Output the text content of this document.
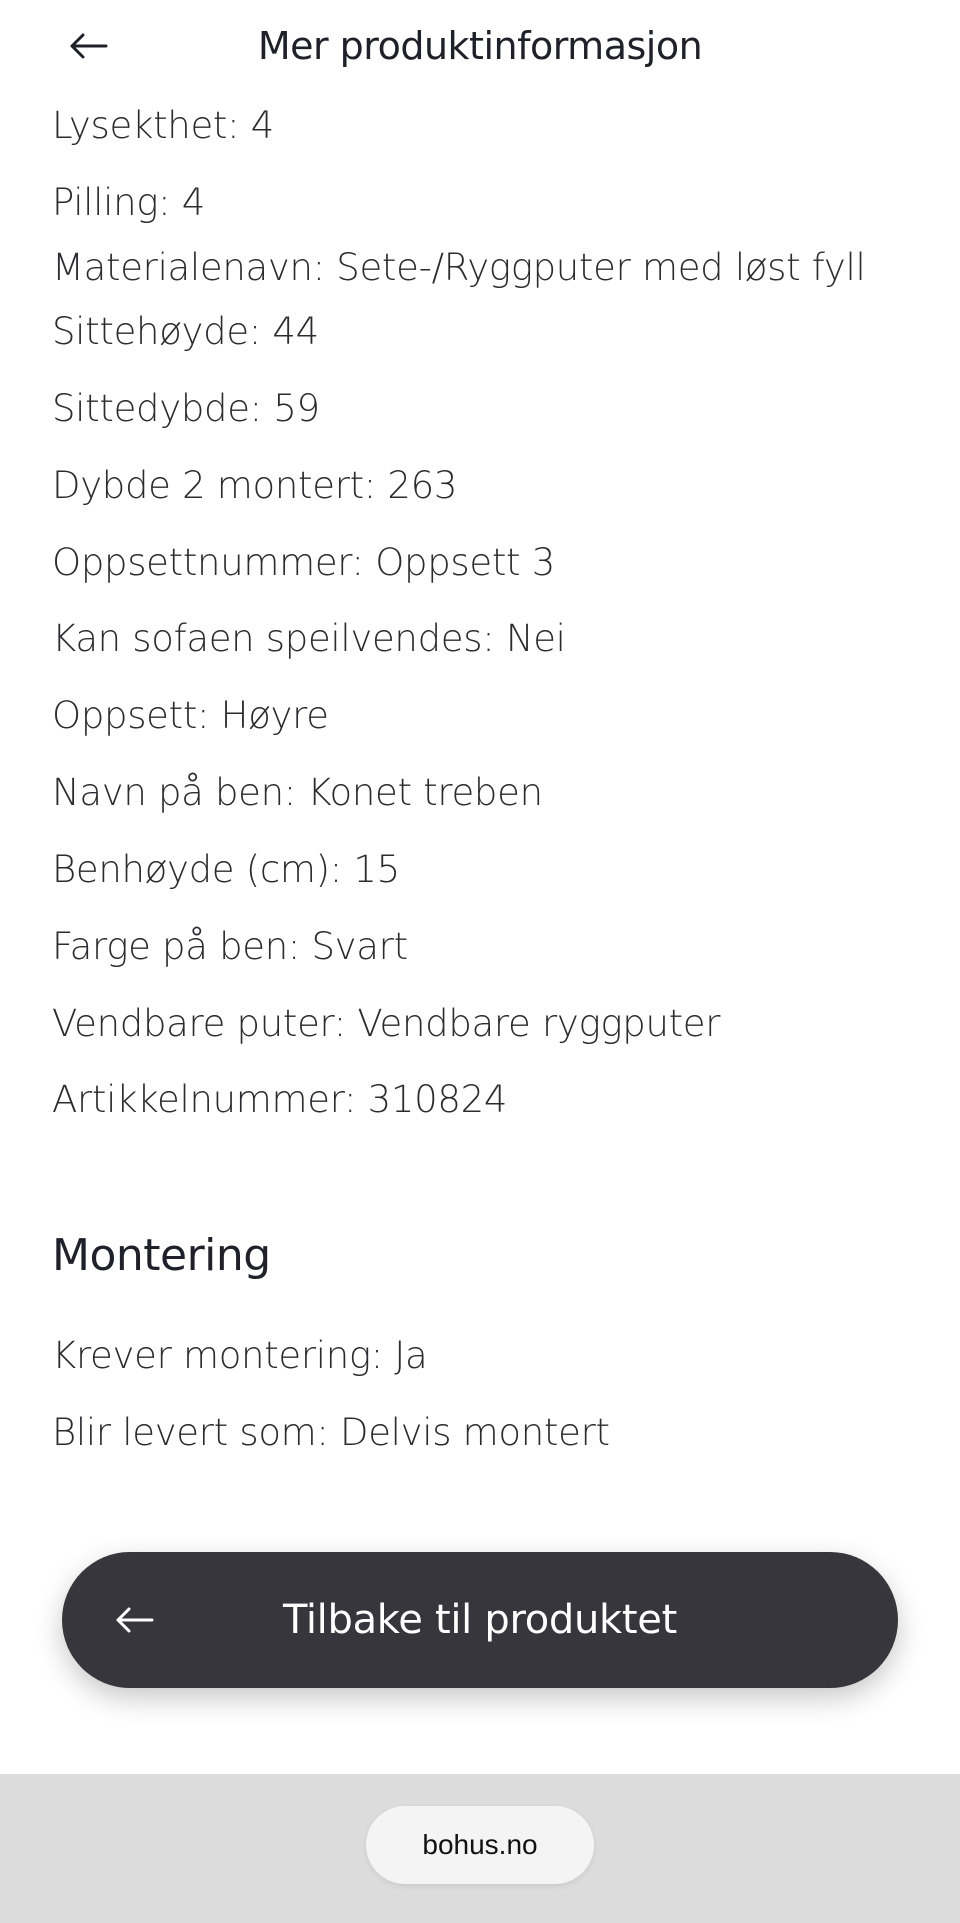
Mer produktinformasjon
Lysekthet: 4
Pilling: 4
Materialenavn: Sete-/Ryggputer med løst fyll
Sittehøyde: 44
Sittedybde: 59
Dybde 2 montert: 263
Oppsettnummer: Oppsett 3
Kan sofaen speilvendes: Nei
Oppsett: Høyre
Navn på ben: Konet treben
Benhøyde (cm): 15
Farge på ben: Svart
Vendbare puter: Vendbare ryggputer
Artikkelnummer: 310824
Montering
Krever montering: Ja
Blir levert som: Delvis montert
Tilbake til produktet
bohus.no
